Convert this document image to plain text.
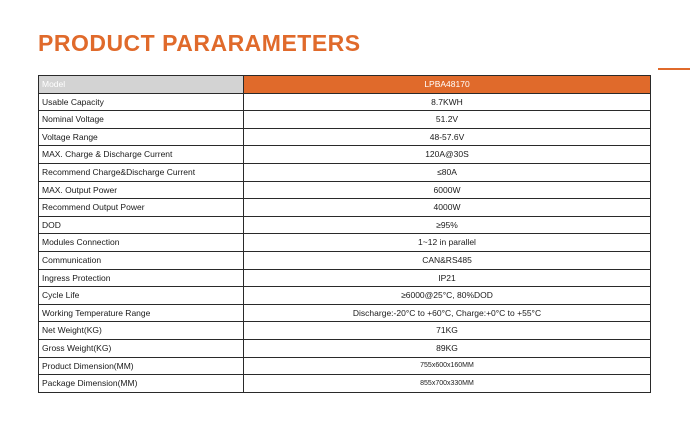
PRODUCT PARARAMETERS
Model	LPBA48170
Usable Capacity	8.7KWH
Nominal Voltage	51.2V
Voltage Range	48-57.6V
MAX. Charge & Discharge Current	120A@30S
Recommend Charge&Discharge Current	≤80A
MAX. Output Power	6000W
Recommend Output Power	4000W
DOD	≥95%
Modules Connection	1~12 in parallel
Communication	CAN&RS485
Ingress Protection	IP21
Cycle Life	≥6000@25°C, 80%DOD
Working Temperature Range	Discharge:-20°C to +60°C, Charge:+0°C to +55°C
Net Weight(KG)	71KG
Gross Weight(KG)	89KG
Product Dimension(MM)	755x600x160MM
Package Dimension(MM)	855x700x330MM
